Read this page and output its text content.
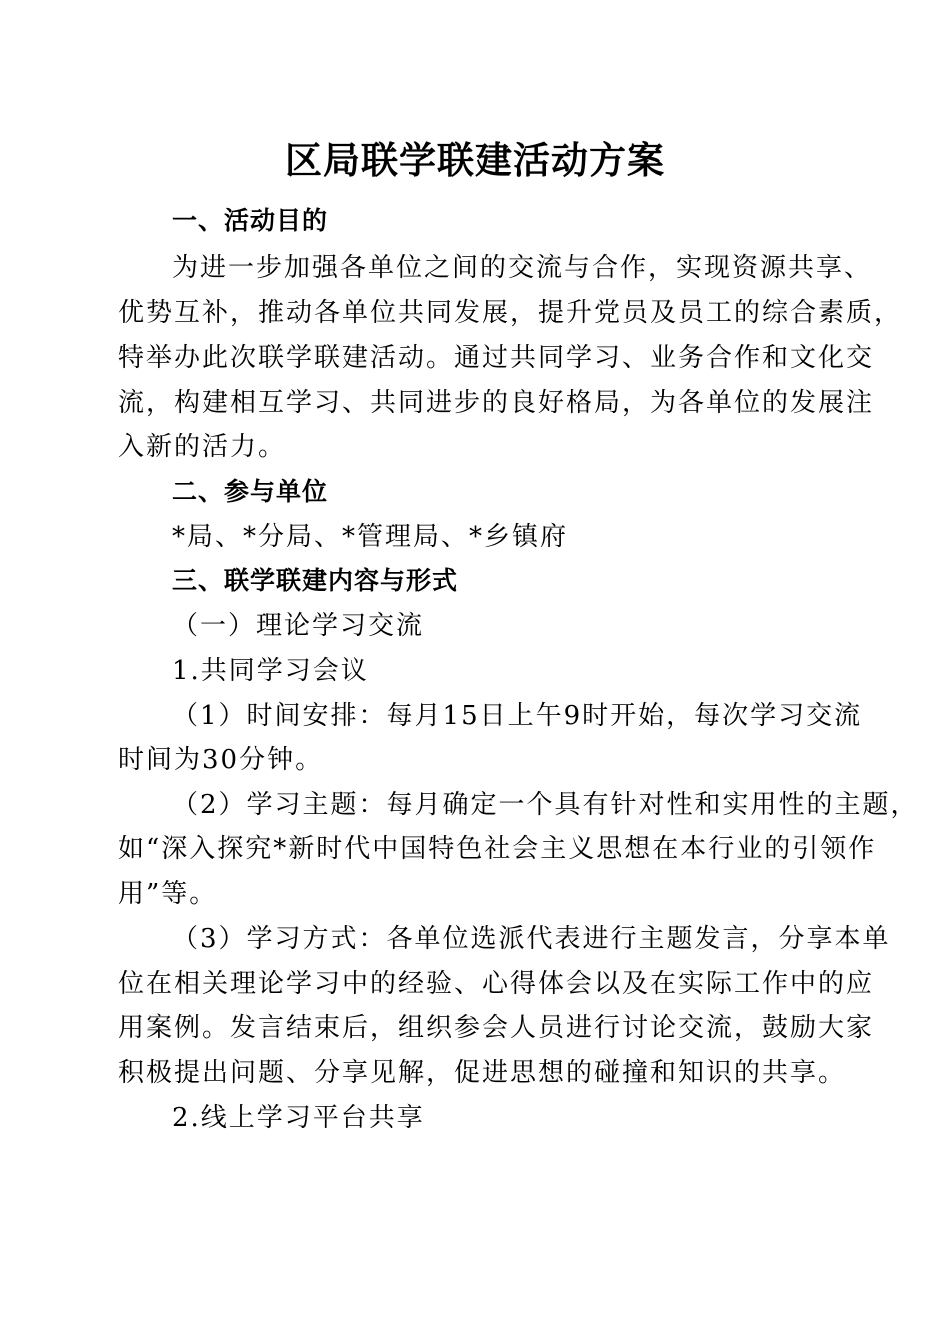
区局联学联建活动方案

一、活动目的

为进一步加强各单位之间的交流与合作，实现资源共享、

优势互补，推动各单位共同发展，提升党员及员工的综合素质，

特举办此次联学联建活动。通过共同学习、业务合作和文化交

流，构建相互学习、共同进步的良好格局，为各单位的发展注

入新的活力。

二、参与单位

*局、*分局、*管理局、*乡镇府

三、联学联建内容与形式

（一）理论学习交流

1.共同学习会议

（1）时间安排：每月15日上午9时开始，每次学习交流

时间为30分钟。

（2）学习主题：每月确定一个具有针对性和实用性的主题，

如“深入探究*新时代中国特色社会主义思想在本行业的引领作

用”等。

（3）学习方式：各单位选派代表进行主题发言，分享本单

位在相关理论学习中的经验、心得体会以及在实际工作中的应

用案例。发言结束后，组织参会人员进行讨论交流，鼓励大家

积极提出问题、分享见解，促进思想的碰撞和知识的共享。

2.线上学习平台共享
